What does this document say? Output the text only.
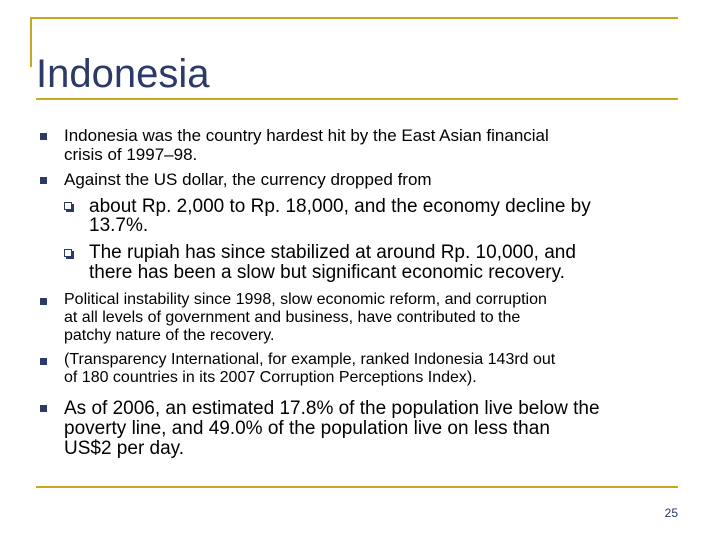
Indonesia

Indonesia was the country hardest hit by the East Asian financial

crisis of 1997–98.

Against the US dollar, the currency dropped from

about Rp. 2,000 to Rp. 18,000, and the economy decline by

13.7%.

The rupiah has since stabilized at around Rp. 10,000, and

there has been a slow but significant economic recovery.

Political instability since 1998, slow economic reform, and corruption

at all levels of government and business, have contributed to the

patchy nature of the recovery.

(Transparency International, for example, ranked Indonesia 143rd out

of 180 countries in its 2007 Corruption Perceptions Index).

As of 2006, an estimated 17.8% of the population live below the

poverty line, and 49.0% of the population live on less than

US$2 per day.

25
